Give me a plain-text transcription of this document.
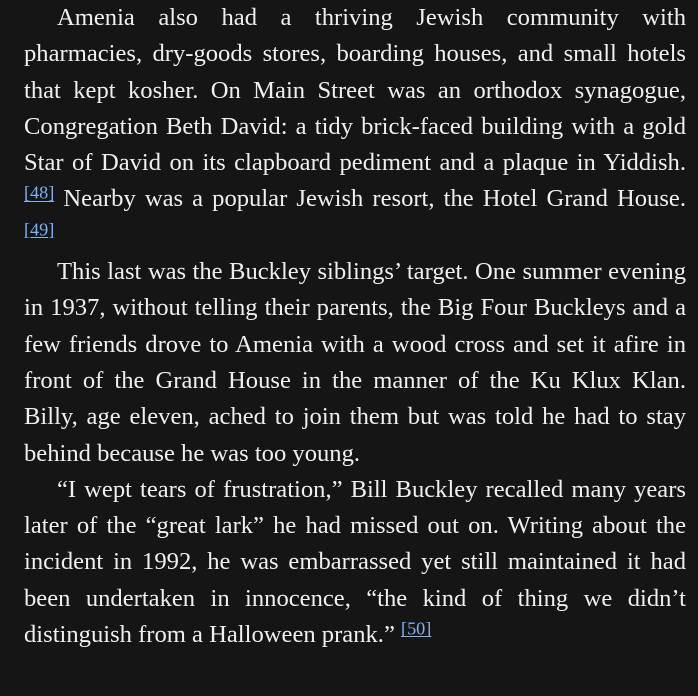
Amenia also had a thriving Jewish community with pharmacies, dry-goods stores, boarding houses, and small hotels that kept kosher. On Main Street was an orthodox synagogue, Congregation Beth David: a tidy brick-faced building with a gold Star of David on its clapboard pediment and a plaque in Yiddish.[48] Nearby was a popular Jewish resort, the Hotel Grand House.[49]

This last was the Buckley siblings’ target. One summer evening in 1937, without telling their parents, the Big Four Buckleys and a few friends drove to Amenia with a wood cross and set it afire in front of the Grand House in the manner of the Ku Klux Klan. Billy, age eleven, ached to join them but was told he had to stay behind because he was too young.

“I wept tears of frustration,” Bill Buckley recalled many years later of the “great lark” he had missed out on. Writing about the incident in 1992, he was embarrassed yet still maintained it had been undertaken in innocence, “the kind of thing we didn’t distinguish from a Halloween prank.” [50]
